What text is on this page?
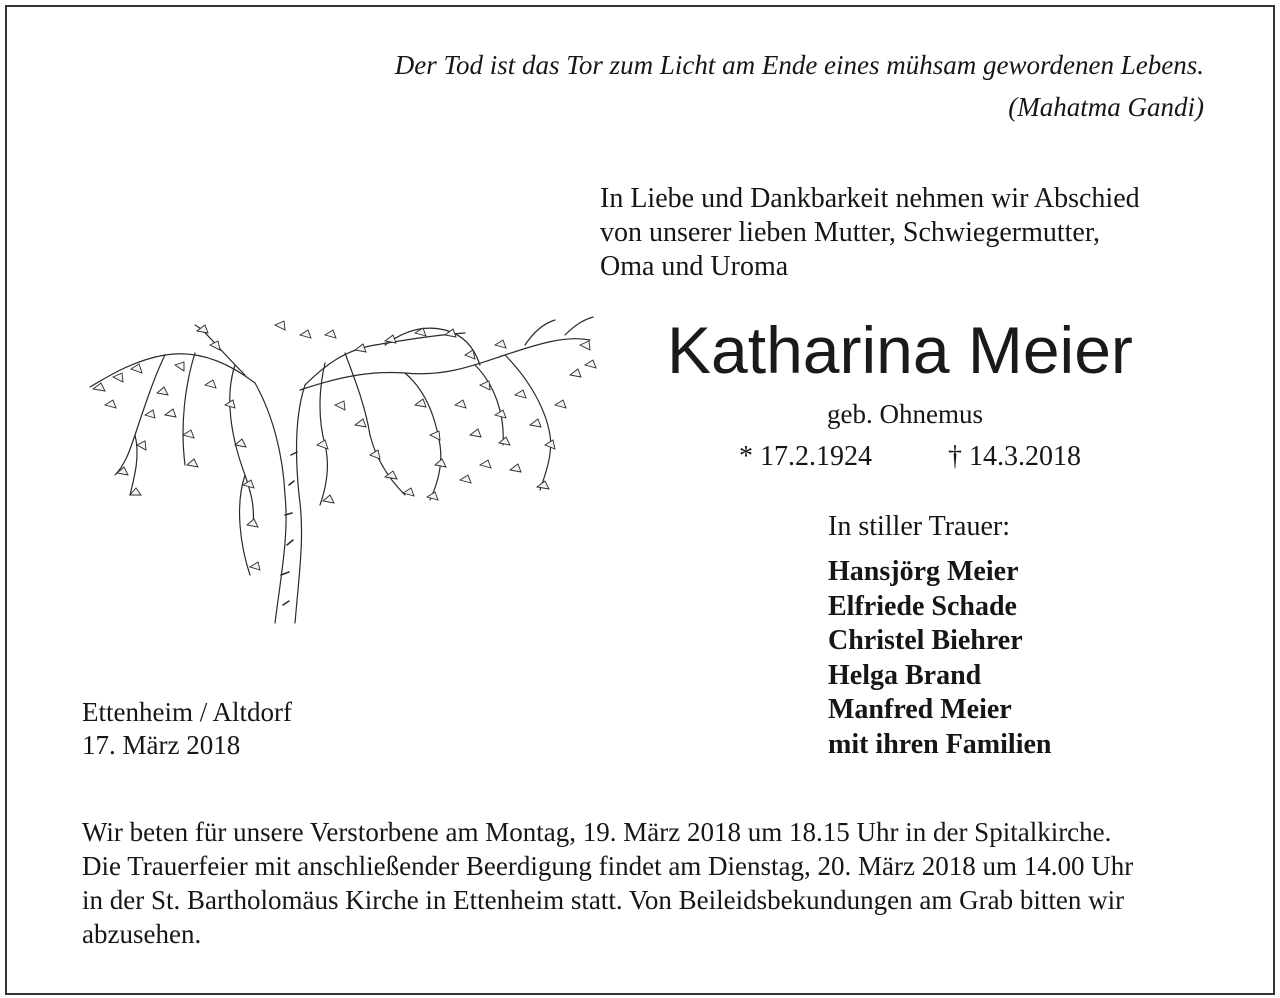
Der Tod ist das Tor zum Licht am Ende eines mühsam gewordenen Lebens.
(Mahatma Gandi)
In Liebe und Dankbarkeit nehmen wir Abschied
von unserer lieben Mutter, Schwiegermutter,
Oma und Uroma
Katharina Meier
geb. Ohnemus
* 17.2.1924	† 14.3.2018
In stiller Trauer:
Hansjörg Meier
Elfriede Schade
Christel Biehrer
Helga Brand
Manfred Meier
mit ihren Familien
Ettenheim / Altdorf
17. März 2018
Wir beten für unsere Verstorbene am Montag, 19. März 2018 um 18.15 Uhr in der Spitalkirche.
Die Trauerfeier mit anschließender Beerdigung findet am Dienstag, 20. März 2018 um 14.00 Uhr
in der St. Bartholomäus Kirche in Ettenheim statt. Von Beileidsbekundungen am Grab bitten wir
abzusehen.
